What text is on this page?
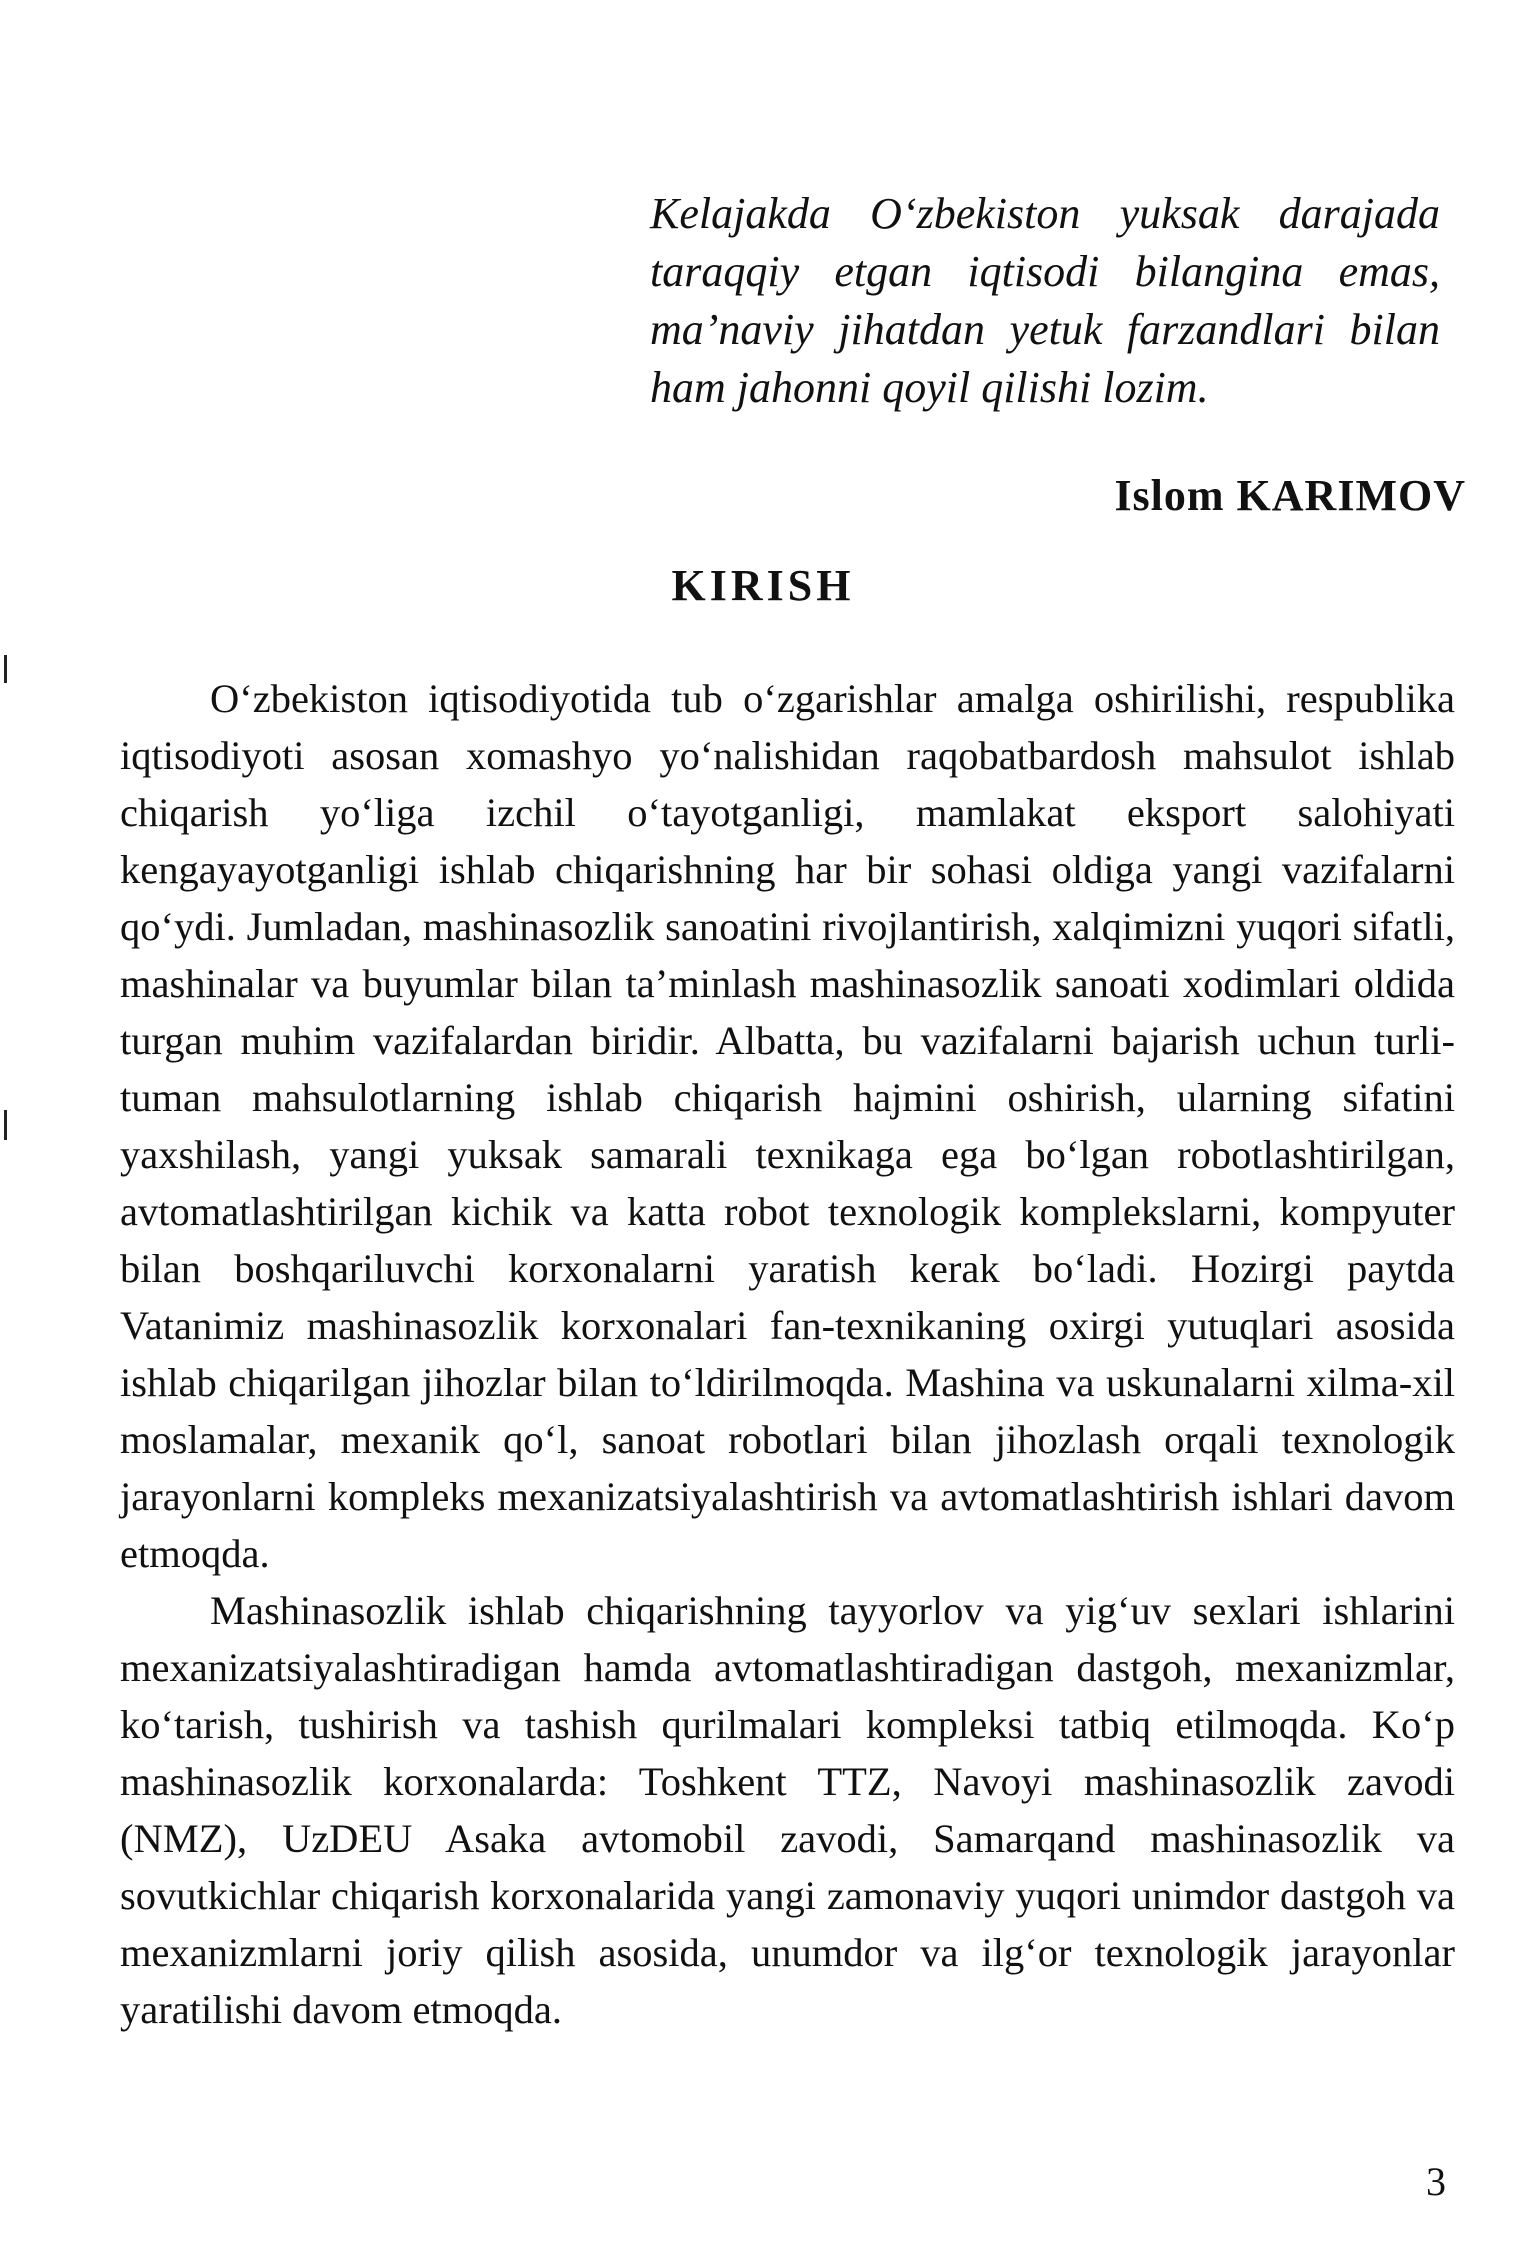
Kelajakda O‘zbekiston yuksak darajada taraqqiy etgan iqtisodi bilangina emas, ma’naviy jihatdan yetuk farzandlari bilan ham jahonni qoyil qilishi lozim.
Islom KARIMOV
KIRISH

O‘zbekiston iqtisodiyotida tub o‘zgarishlar amalga oshirilishi, respublika iqtisodiyoti asosan xomashyo yo‘nalishidan raqobatbardosh mahsulot ishlab chiqarish yo‘liga izchil o‘tayotganligi, mamlakat eksport salohiyati kengayayotganligi ishlab chiqarishning har bir sohasi oldiga yangi vazifalarni qo‘ydi. Jumladan, mashinasozlik sanoatini rivojlantirish, xalqimizni yuqori sifatli, mashinalar va buyumlar bilan ta’minlash mashinasozlik sanoati xodimlari oldida turgan muhim vazifalardan biridir. Albatta, bu vazifalarni bajarish uchun turli-tuman mahsulotlarning ishlab chiqarish hajmini oshirish, ularning sifatini yaxshilash, yangi yuksak samarali texnikaga ega bo‘lgan robotlashtirilgan, avtomatlashtirilgan kichik va katta robot texnologik komplekslarni, kompyuter bilan boshqariluvchi korxonalarni yaratish kerak bo‘ladi. Hozirgi paytda Vatanimiz mashinasozlik korxonalari fan-texnikaning oxirgi yutuqlari asosida ishlab chiqarilgan jihozlar bilan to‘ldirilmoqda. Mashina va uskunalarni xilma-xil moslamalar, mexanik qo‘l, sanoat robotlari bilan jihozlash orqali texnologik jarayonlarni kompleks mexanizatsiyalashtirish va avtomatlashtirish ishlari davom etmoqda.

Mashinasozlik ishlab chiqarishning tayyorlov va yig‘uv sexlari ishlarini mexanizatsiyalashtiradigan hamda avtomatlashtiradigan dastgoh, mexanizmlar, ko‘tarish, tushirish va tashish qurilmalari kompleksi tatbiq etilmoqda. Ko‘p mashinasozlik korxonalarda: Toshkent TTZ, Navoyi mashinasozlik zavodi (NMZ), UzDEU Asaka avtomobil zavodi, Samarqand mashinasozlik va sovutkichlar chiqarish korxonalarida yangi zamonaviy yuqori unimdor dastgoh va mexanizmlarni joriy qilish asosida, unumdor va ilg‘or texnologik jarayonlar yaratilishi davom etmoqda.

3
